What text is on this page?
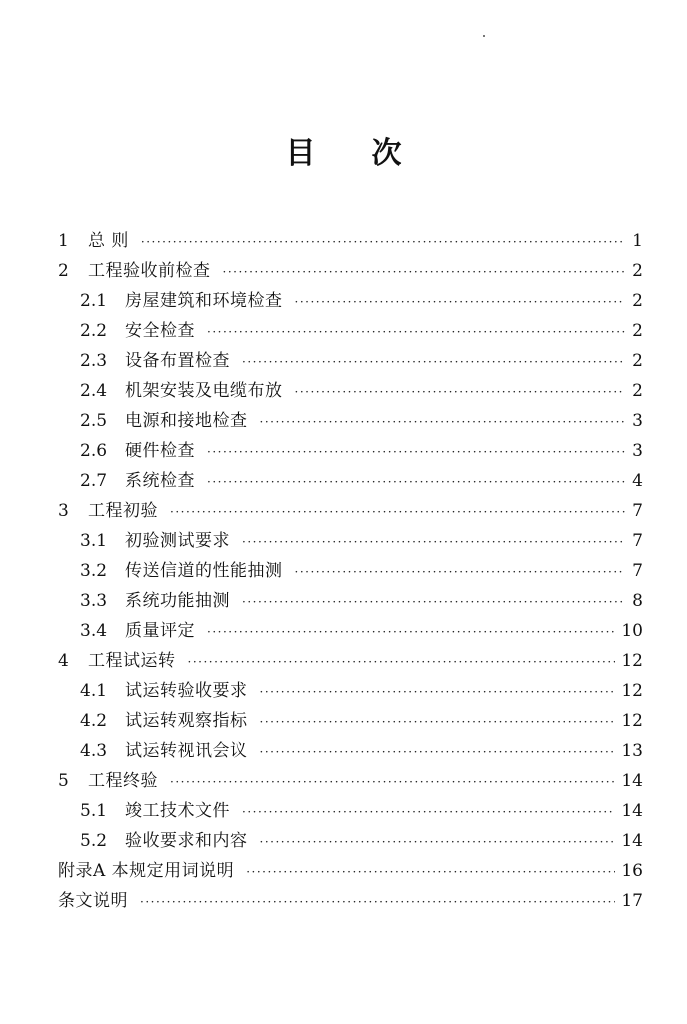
目 次
1	总 则 ·····	1
2	工程验收前检查 ·····	2
2.1	房屋建筑和环境检查 ·····	2
2.2	安全检查 ·····	2
2.3	设备布置检查 ·····	2
2.4	机架安装及电缆布放 ·····	2
2.5	电源和接地检查 ·····	3
2.6	硬件检查 ·····	3
2.7	系统检查 ·····	4
3	工程初验 ·····	7
3.1	初验测试要求 ·····	7
3.2	传送信道的性能抽测 ·····	7
3.3	系统功能抽测 ·····	8
3.4	质量评定 ·····	10
4	工程试运转 ·····	12
4.1	试运转验收要求 ·····	12
4.2	试运转观察指标 ·····	12
4.3	试运转视讯会议 ·····	13
5	工程终验 ·····	14
5.1	竣工技术文件 ·····	14
5.2	验收要求和内容 ·····	14
附录A 本规定用词说明 ·····	16
条文说明 ·····	17
